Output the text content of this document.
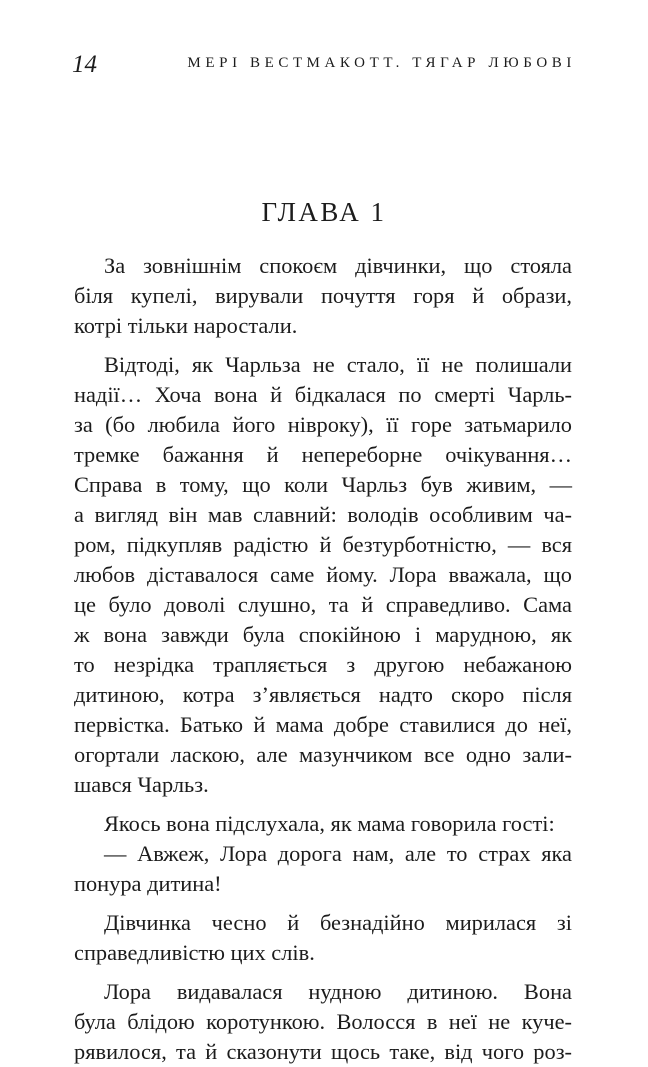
14	МЕРІ ВЕСТМАКОТТ. ТЯГАР ЛЮБОВІ
ГЛАВА 1
За зовнішнім спокоєм дівчинки, що стояла
біля купелі, вирували почуття горя й образи,
котрі тільки наростали.
Відтоді, як Чарльза не стало, її не полишали
надії… Хоча вона й бідкалася по смерті Чарль-
за (бо любила його нівроку), її горе затьмарило
тремке бажання й непереборне очікування…
Справа в тому, що коли Чарльз був живим, —
а вигляд він мав славний: володів особливим ча-
ром, підкупляв радістю й безтурботністю, — вся
любов діставалося саме йому. Лора вважала, що
це було доволі слушно, та й справедливо. Сама
ж вона завжди була спокійною і марудною, як
то незрідка трапляється з другою небажаною
дитиною, котра з’являється надто скоро після
первістка. Батько й мама добре ставилися до неї,
огортали ласкою, але мазунчиком все одно зали-
шався Чарльз.
Якось вона підслухала, як мама говорила гості:
— Авжеж, Лора дорога нам, але то страх яка
понура дитина!
Дівчинка чесно й безнадійно мирилася зі
справедливістю цих слів.
Лора видавалася нудною дитиною. Вона
була блідою коротункою. Волосся в неї не куче-
рявилося, та й сказонути щось таке, від чого роз-
